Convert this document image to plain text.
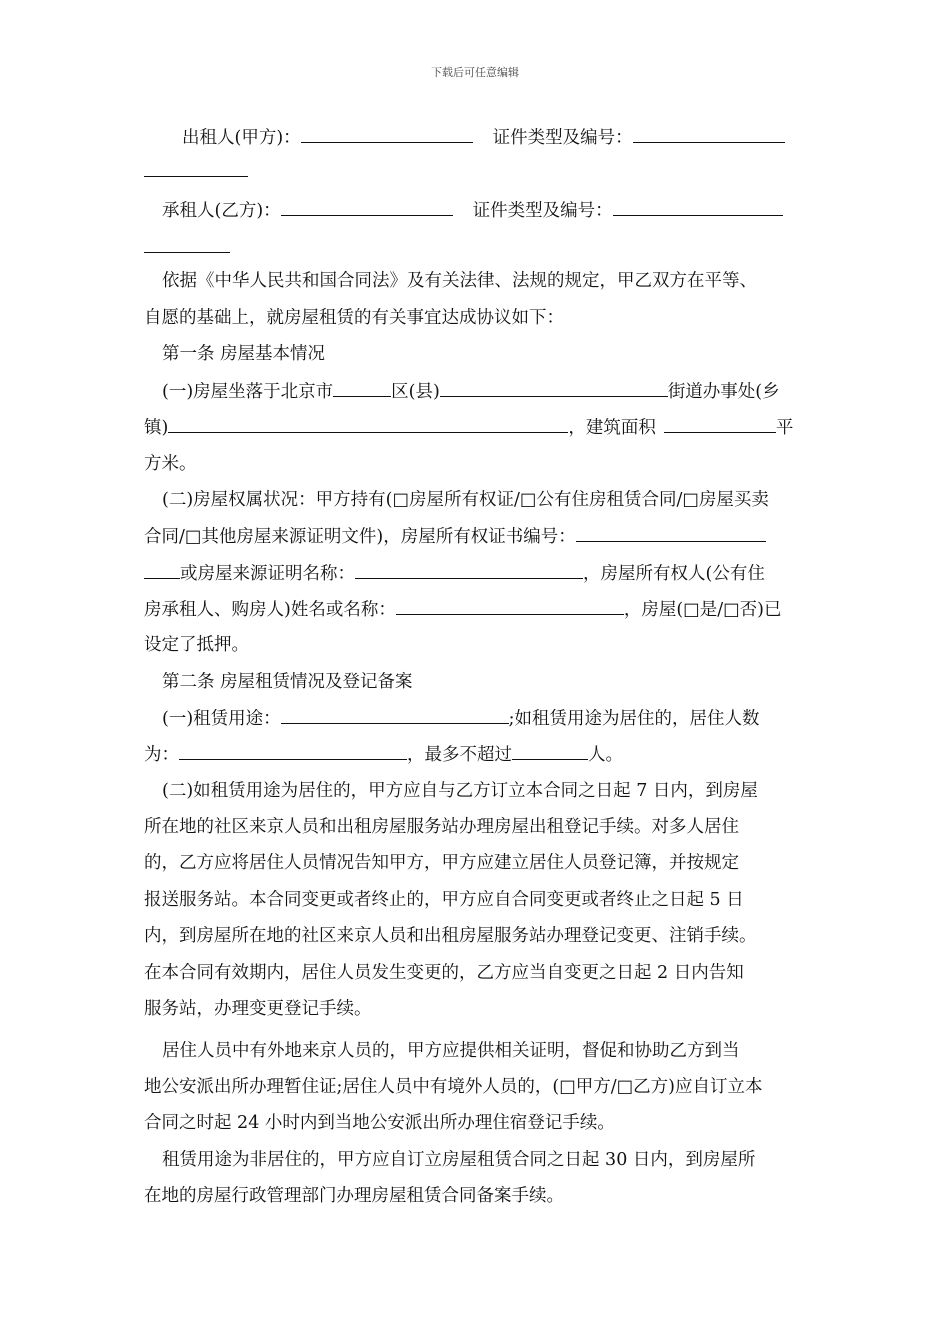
下载后可任意编辑
出租人(甲方)：	证件类型及编号：
承租人(乙方)：	证件类型及编号：
依据《中华人民共和国合同法》及有关法律、法规的规定，甲乙双方在平等、
自愿的基础上，就房屋租赁的有关事宜达成协议如下：
第一条 房屋基本情况
(一)房屋坐落于北京市	区(县)	街道办事处(乡
镇)	，建筑面积	平
方米。
(二)房屋权属状况：甲方持有(□房屋所有权证/□公有住房租赁合同/□房屋买卖
合同/□其他房屋来源证明文件)，房屋所有权证书编号：
或房屋来源证明名称：	，房屋所有权人(公有住
房承租人、购房人)姓名或名称：	，房屋(□是/□否)已
设定了抵押。
第二条 房屋租赁情况及登记备案
(一)租赁用途：	;如租赁用途为居住的，居住人数
为：	，最多不超过	人。
(二)如租赁用途为居住的，甲方应自与乙方订立本合同之日起 7 日内，到房屋
所在地的社区来京人员和出租房屋服务站办理房屋出租登记手续。对多人居住
的，乙方应将居住人员情况告知甲方，甲方应建立居住人员登记簿，并按规定
报送服务站。本合同变更或者终止的，甲方应自合同变更或者终止之日起 5 日
内，到房屋所在地的社区来京人员和出租房屋服务站办理登记变更、注销手续。
在本合同有效期内，居住人员发生变更的，乙方应当自变更之日起 2 日内告知
服务站，办理变更登记手续。
居住人员中有外地来京人员的，甲方应提供相关证明，督促和协助乙方到当
地公安派出所办理暂住证;居住人员中有境外人员的，(□甲方/□乙方)应自订立本
合同之时起 24 小时内到当地公安派出所办理住宿登记手续。
租赁用途为非居住的，甲方应自订立房屋租赁合同之日起 30 日内，到房屋所
在地的房屋行政管理部门办理房屋租赁合同备案手续。
